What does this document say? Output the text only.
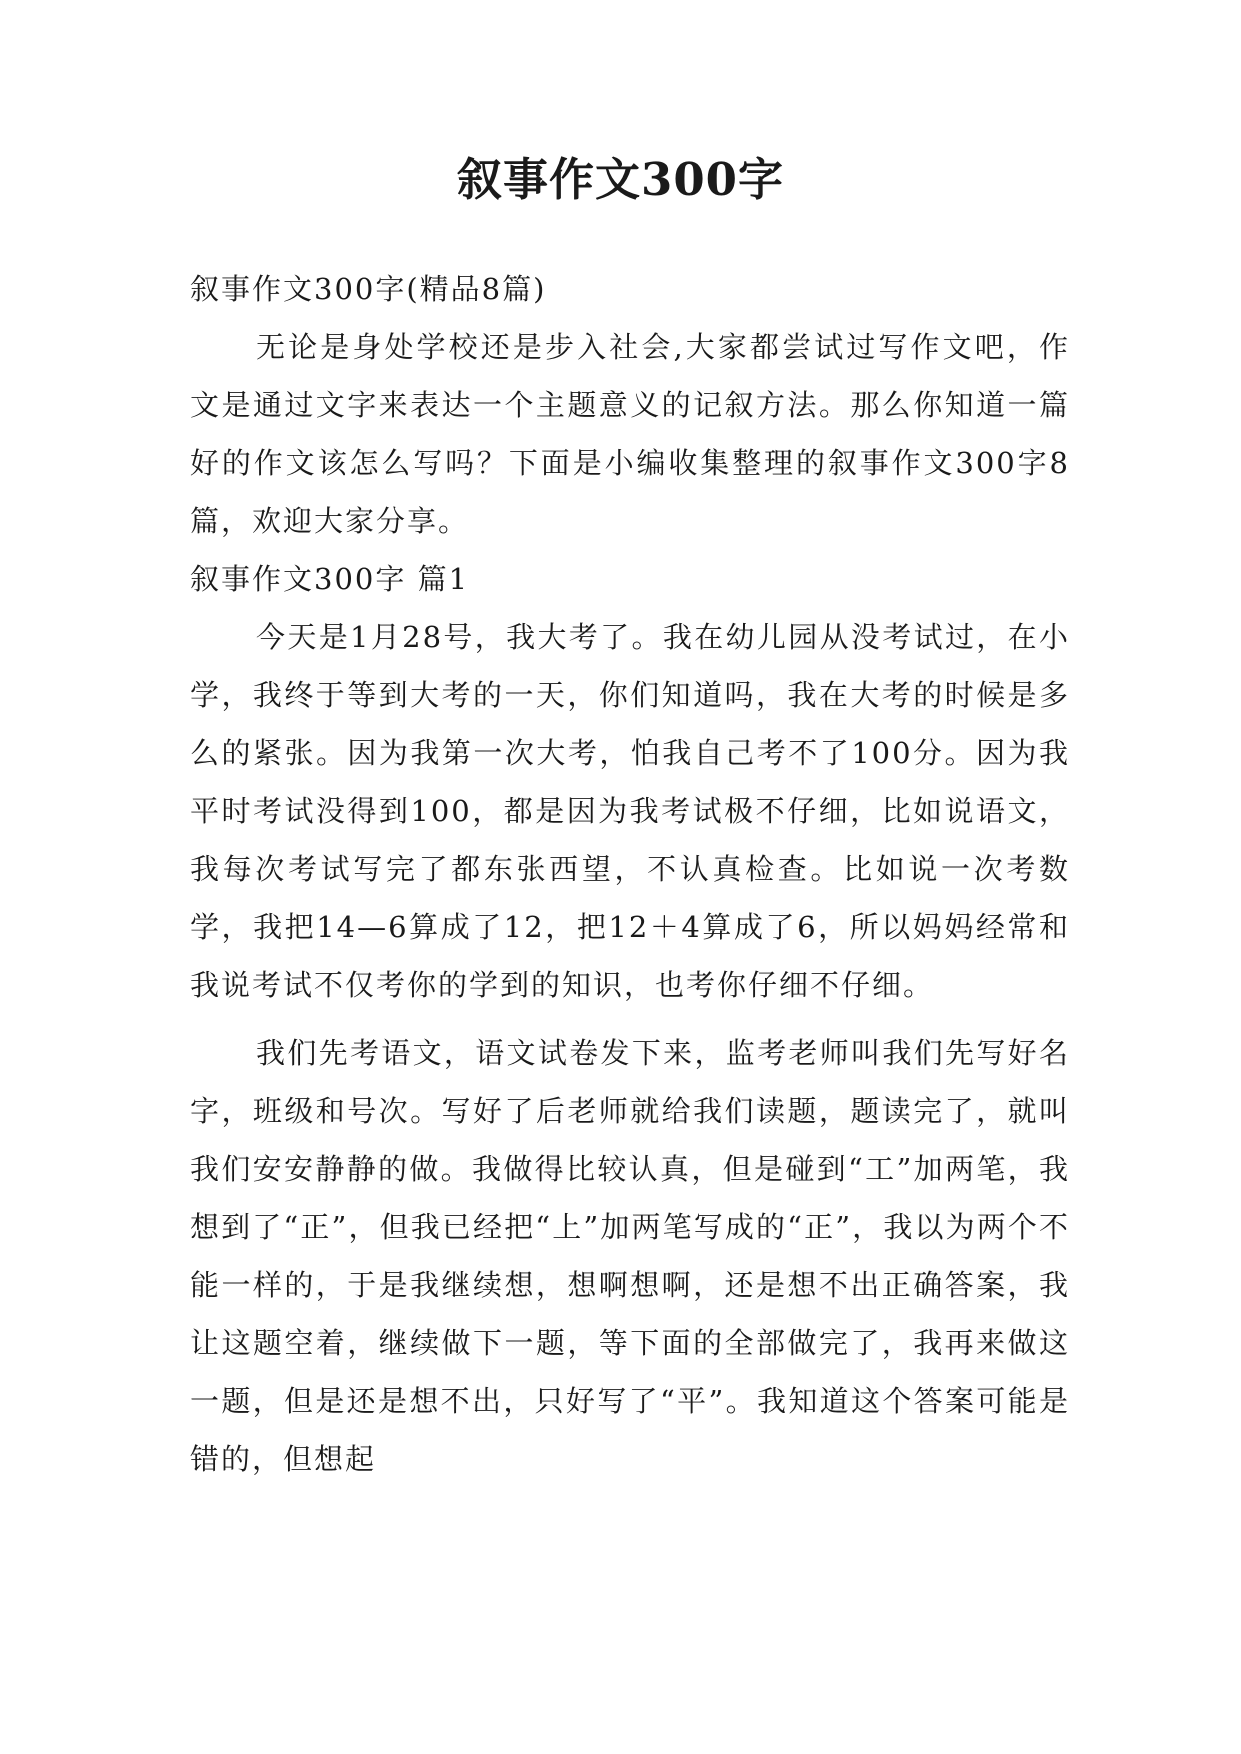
叙事作文300字

叙事作文300字(精品8篇)

无论是身处学校还是步入社会,大家都尝试过写作文吧，作文是通过文字来表达一个主题意义的记叙方法。那么你知道一篇好的作文该怎么写吗？下面是小编收集整理的叙事作文300字8篇，欢迎大家分享。

叙事作文300字 篇1

今天是1月28号，我大考了。我在幼儿园从没考试过，在小学，我终于等到大考的一天，你们知道吗，我在大考的时候是多么的紧张。因为我第一次大考，怕我自己考不了100分。因为我平时考试没得到100，都是因为我考试极不仔细，比如说语文，我每次考试写完了都东张西望，不认真检查。比如说一次考数学，我把14—6算成了12，把12＋4算成了6，所以妈妈经常和我说考试不仅考你的学到的知识，也考你仔细不仔细。

我们先考语文，语文试卷发下来，监考老师叫我们先写好名字，班级和号次。写好了后老师就给我们读题，题读完了，就叫我们安安静静的做。我做得比较认真，但是碰到“工”加两笔，我想到了“正”，但我已经把“上”加两笔写成的“正”，我以为两个不能一样的，于是我继续想，想啊想啊，还是想不出正确答案，我让这题空着，继续做下一题，等下面的全部做完了，我再来做这一题，但是还是想不出，只好写了“平”。我知道这个答案可能是错的，但想起
